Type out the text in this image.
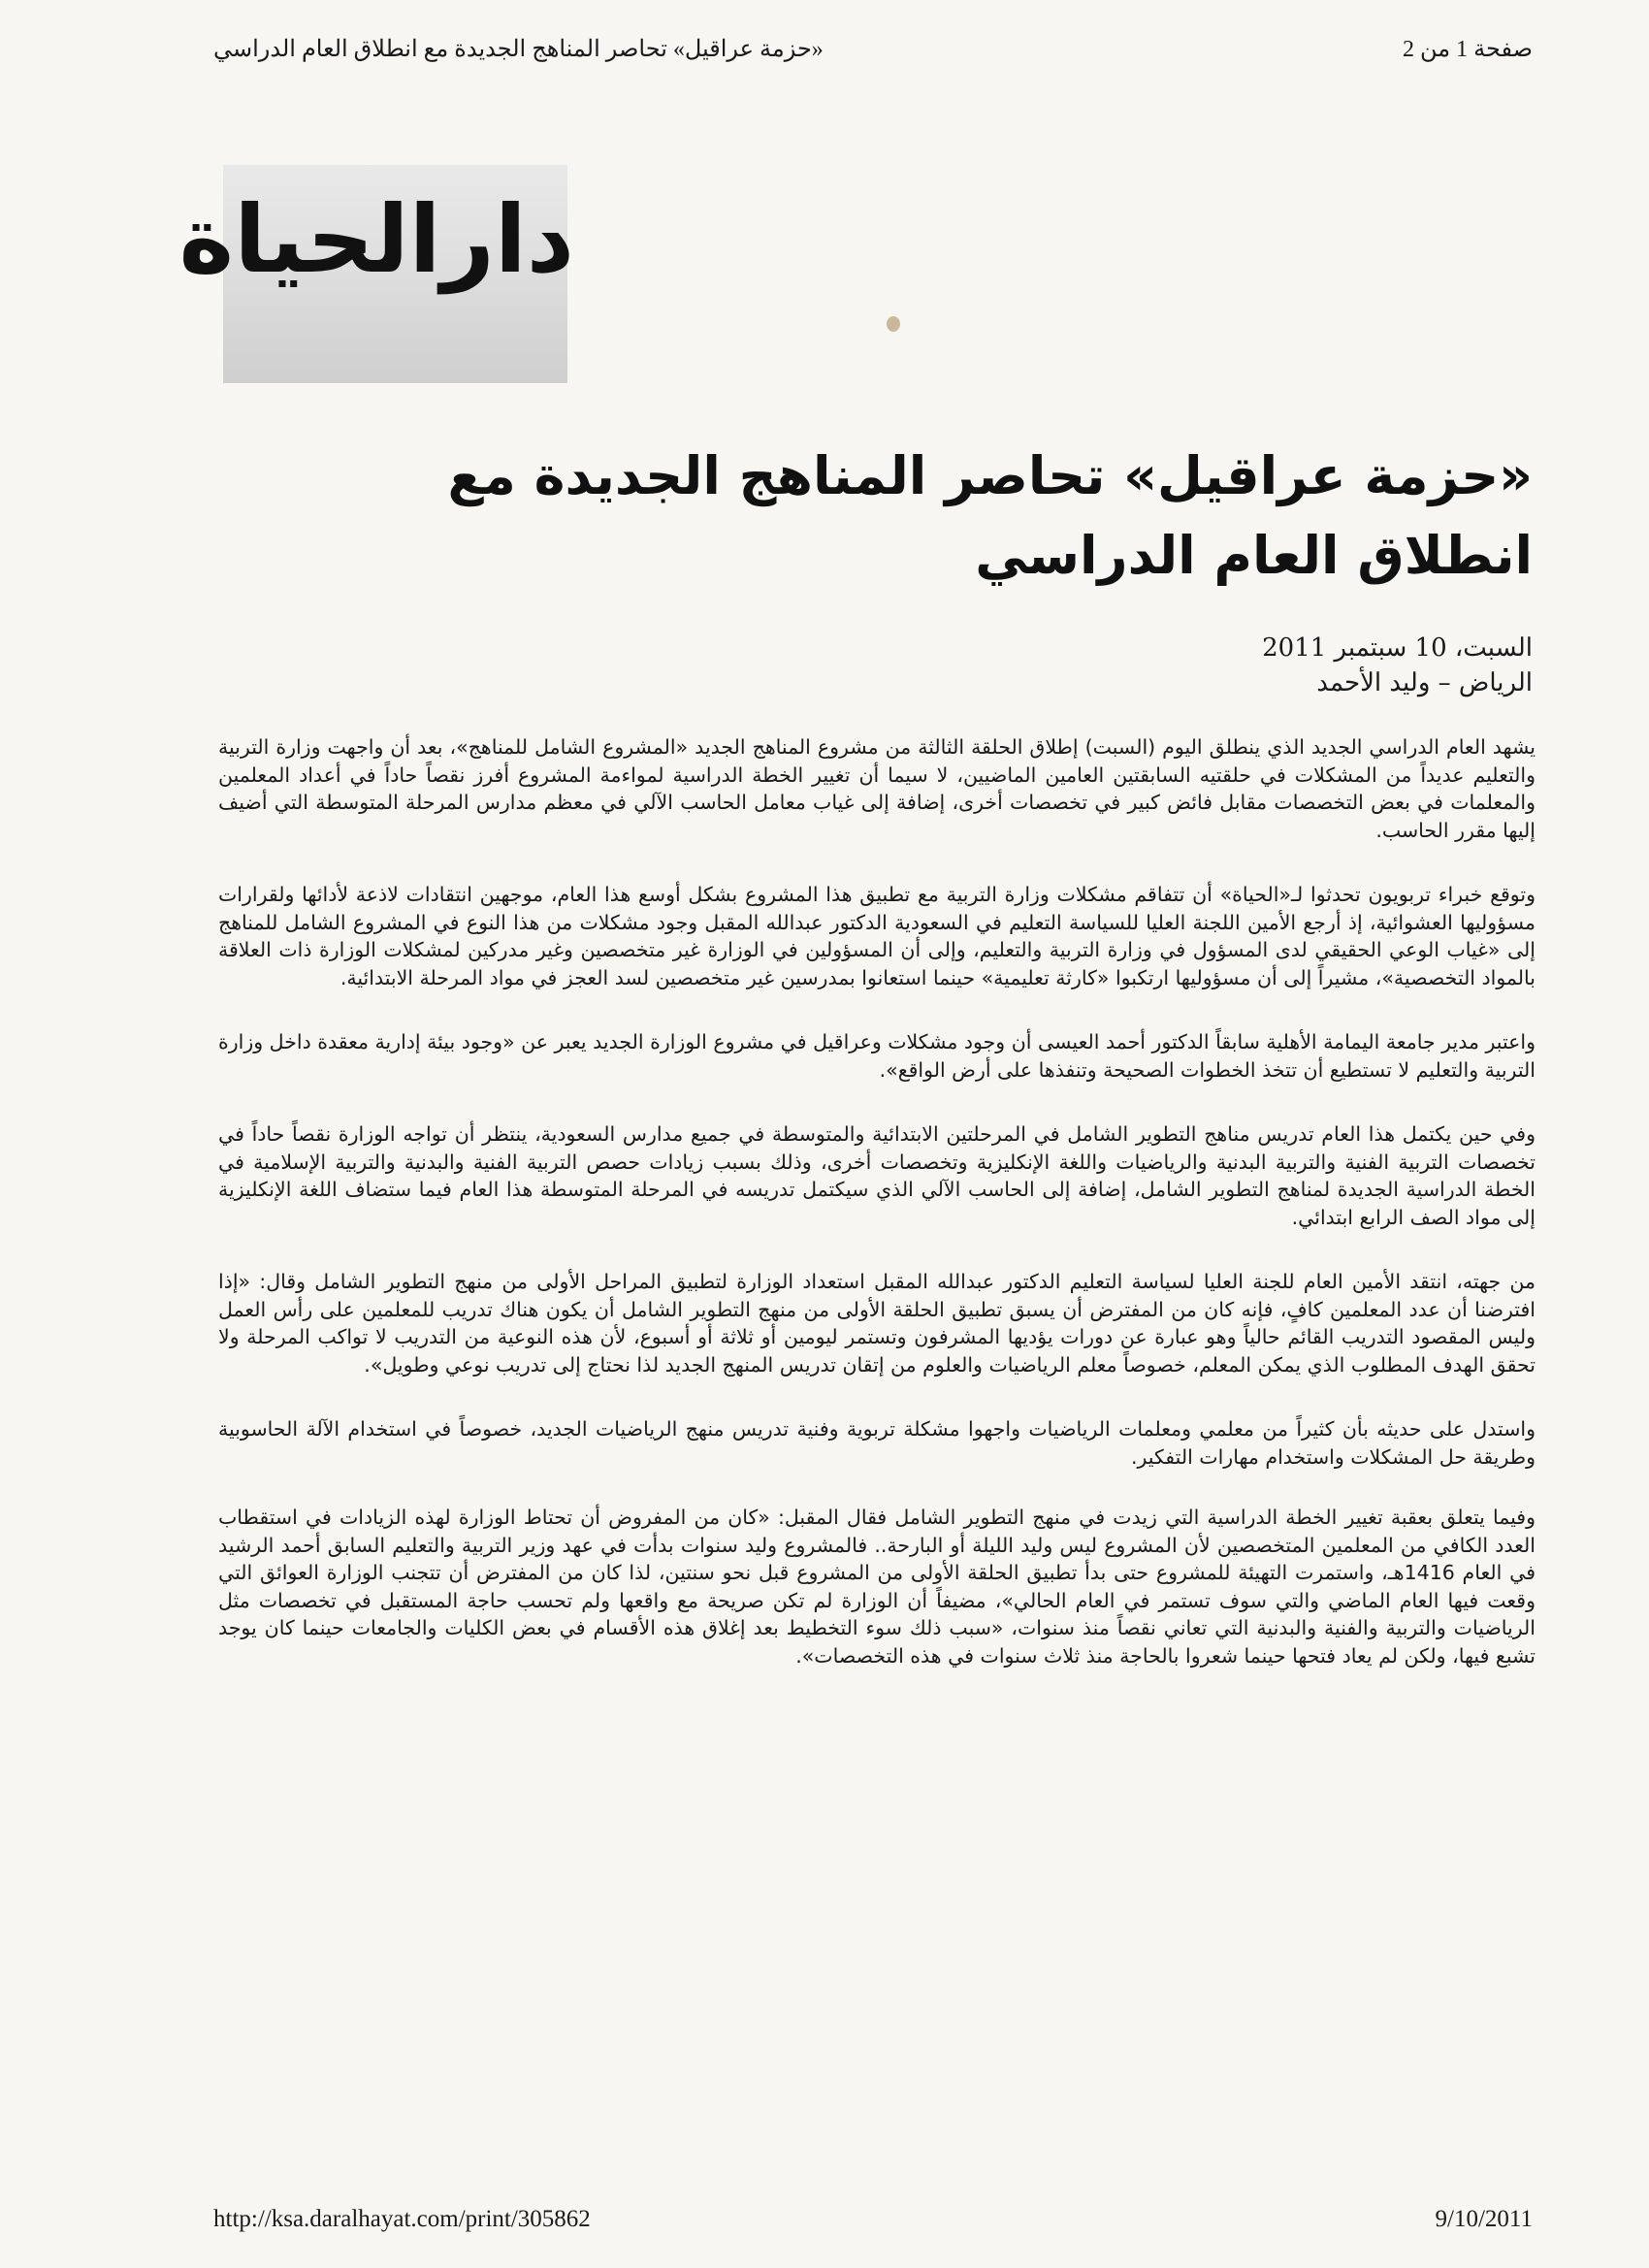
صفحة 1 من 2
«حزمة عراقيل» تحاصر المناهج الجديدة مع انطلاق العام الدراسي
دارالحياة
«حزمة عراقيل» تحاصر المناهج الجديدة مع انطلاق العام الدراسي
السبت، 10 سبتمبر 2011
الرياض – وليد الأحمد

يشهد العام الدراسي الجديد الذي ينطلق اليوم (السبت) إطلاق الحلقة الثالثة من مشروع المناهج الجديد «المشروع الشامل للمناهج»، بعد أن واجهت وزارة التربية والتعليم عديداً من المشكلات في حلقتيه السابقتين العامين الماضيين، لا سيما أن تغيير الخطة الدراسية لمواءمة المشروع أفرز نقصاً حاداً في أعداد المعلمين والمعلمات في بعض التخصصات مقابل فائض كبير في تخصصات أخرى، إضافة إلى غياب معامل الحاسب الآلي في معظم مدارس المرحلة المتوسطة التي أضيف إليها مقرر الحاسب.

وتوقع خبراء تربويون تحدثوا لـ«الحياة» أن تتفاقم مشكلات وزارة التربية مع تطبيق هذا المشروع بشكل أوسع هذا العام، موجهين انتقادات لاذعة لأدائها ولقرارات مسؤوليها العشوائية، إذ أرجع الأمين اللجنة العليا للسياسة التعليم في السعودية الدكتور عبدالله المقبل وجود مشكلات من هذا النوع في المشروع الشامل للمناهج إلى «غياب الوعي الحقيقي لدى المسؤول في وزارة التربية والتعليم، وإلى أن المسؤولين في الوزارة غير متخصصين وغير مدركين لمشكلات الوزارة ذات العلاقة بالمواد التخصصية»، مشيراً إلى أن مسؤوليها ارتكبوا «كارثة تعليمية» حينما استعانوا بمدرسين غير متخصصين لسد العجز في مواد المرحلة الابتدائية.

واعتبر مدير جامعة اليمامة الأهلية سابقاً الدكتور أحمد العيسى أن وجود مشكلات وعراقيل في مشروع الوزارة الجديد يعبر عن «وجود بيئة إدارية معقدة داخل وزارة التربية والتعليم لا تستطيع أن تتخذ الخطوات الصحيحة وتنفذها على أرض الواقع».

وفي حين يكتمل هذا العام تدريس مناهج التطوير الشامل في المرحلتين الابتدائية والمتوسطة في جميع مدارس السعودية، ينتظر أن تواجه الوزارة نقصاً حاداً في تخصصات التربية الفنية والتربية البدنية والرياضيات واللغة الإنكليزية وتخصصات أخرى، وذلك بسبب زيادات حصص التربية الفنية والبدنية والتربية الإسلامية في الخطة الدراسية الجديدة لمناهج التطوير الشامل، إضافة إلى الحاسب الآلي الذي سيكتمل تدريسه في المرحلة المتوسطة هذا العام فيما ستضاف اللغة الإنكليزية إلى مواد الصف الرابع ابتدائي.

من جهته، انتقد الأمين العام للجنة العليا لسياسة التعليم الدكتور عبدالله المقبل استعداد الوزارة لتطبيق المراحل الأولى من منهج التطوير الشامل وقال: «إذا افترضنا أن عدد المعلمين كافٍ، فإنه كان من المفترض أن يسبق تطبيق الحلقة الأولى من منهج التطوير الشامل أن يكون هناك تدريب للمعلمين على رأس العمل وليس المقصود التدريب القائم حالياً وهو عبارة عن دورات يؤديها المشرفون وتستمر ليومين أو ثلاثة أو أسبوع، لأن هذه النوعية من التدريب لا تواكب المرحلة ولا تحقق الهدف المطلوب الذي يمكن المعلم، خصوصاً معلم الرياضيات والعلوم من إتقان تدريس المنهج الجديد لذا نحتاج إلى تدريب نوعي وطويل».

واستدل على حديثه بأن كثيراً من معلمي ومعلمات الرياضيات واجهوا مشكلة تربوية وفنية تدريس منهج الرياضيات الجديد، خصوصاً في استخدام الآلة الحاسوبية وطريقة حل المشكلات واستخدام مهارات التفكير.

وفيما يتعلق بعقبة تغيير الخطة الدراسية التي زيدت في منهج التطوير الشامل فقال المقبل: «كان من المفروض أن تحتاط الوزارة لهذه الزيادات في استقطاب العدد الكافي من المعلمين المتخصصين لأن المشروع ليس وليد الليلة أو البارحة.. فالمشروع وليد سنوات بدأت في عهد وزير التربية والتعليم السابق أحمد الرشيد في العام 1416هـ، واستمرت التهيئة للمشروع حتى بدأ تطبيق الحلقة الأولى من المشروع قبل نحو سنتين، لذا كان من المفترض أن تتجنب الوزارة العوائق التي وقعت فيها العام الماضي والتي سوف تستمر في العام الحالي»، مضيفاً أن الوزارة لم تكن صريحة مع واقعها ولم تحسب حاجة المستقبل في تخصصات مثل الرياضيات والتربية والفنية والبدنية التي تعاني نقصاً منذ سنوات، «سبب ذلك سوء التخطيط بعد إغلاق هذه الأقسام في بعض الكليات والجامعات حينما كان يوجد تشبع فيها، ولكن لم يعاد فتحها حينما شعروا بالحاجة منذ ثلاث سنوات في هذه التخصصات».

http://ksa.daralhayat.com/print/305862	9/10/2011
